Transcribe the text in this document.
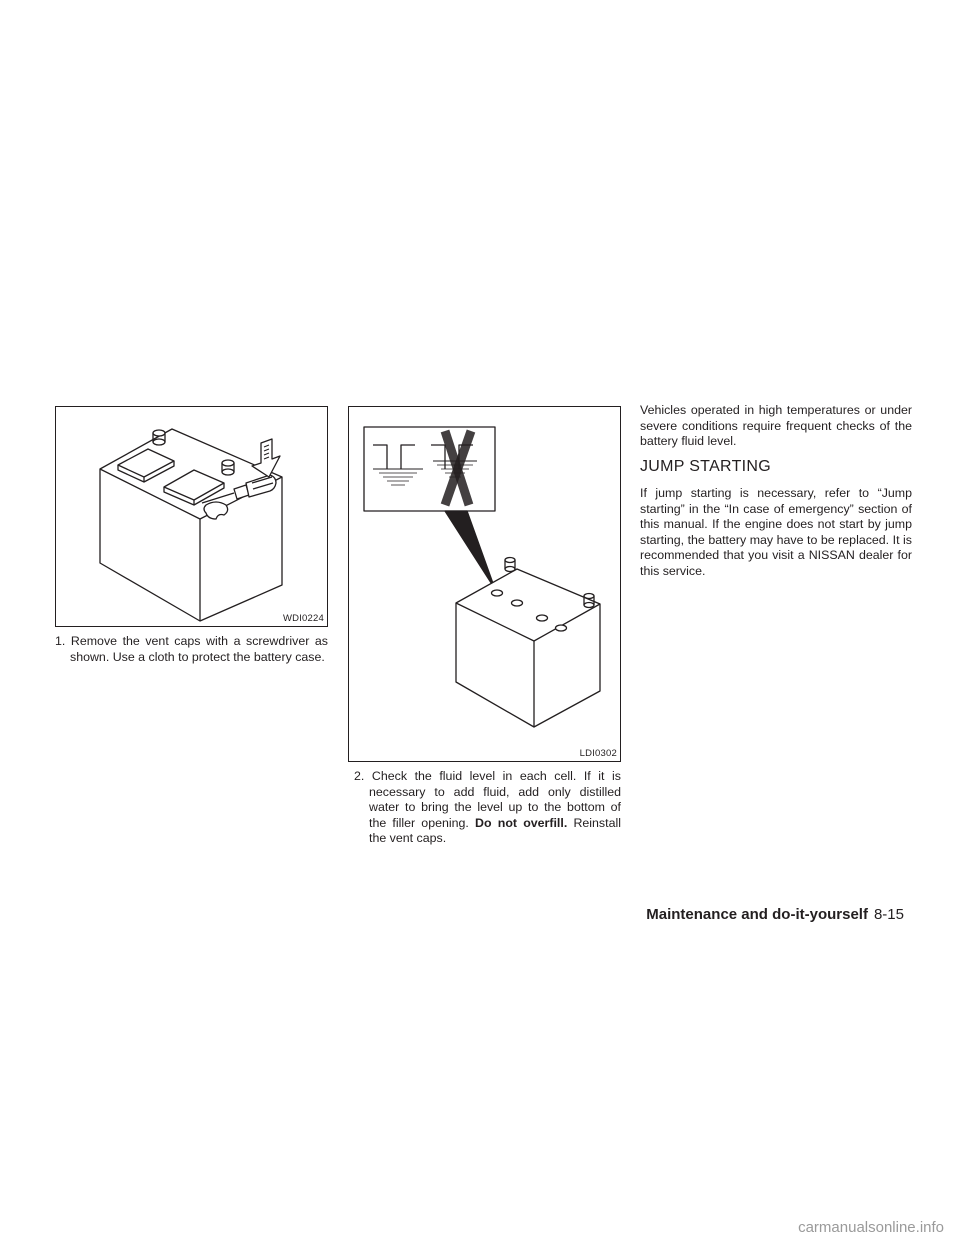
WDI0224
LDI0302

1. Remove the vent caps with a screwdriver as shown. Use a cloth to protect the battery case.

2. Check the fluid level in each cell. If it is necessary to add fluid, add only distilled water to bring the level up to the bottom of the filler opening. Do not overfill. Reinstall the vent caps.

Vehicles operated in high temperatures or under severe conditions require frequent checks of the battery fluid level.
JUMP STARTING
If jump starting is necessary, refer to “Jump starting” in the “In case of emergency” section of this manual. If the engine does not start by jump starting, the battery may have to be replaced. It is recommended that you visit a NISSAN dealer for this service.
Maintenance and do-it-yourself 8-15
carmanualsonline.info
